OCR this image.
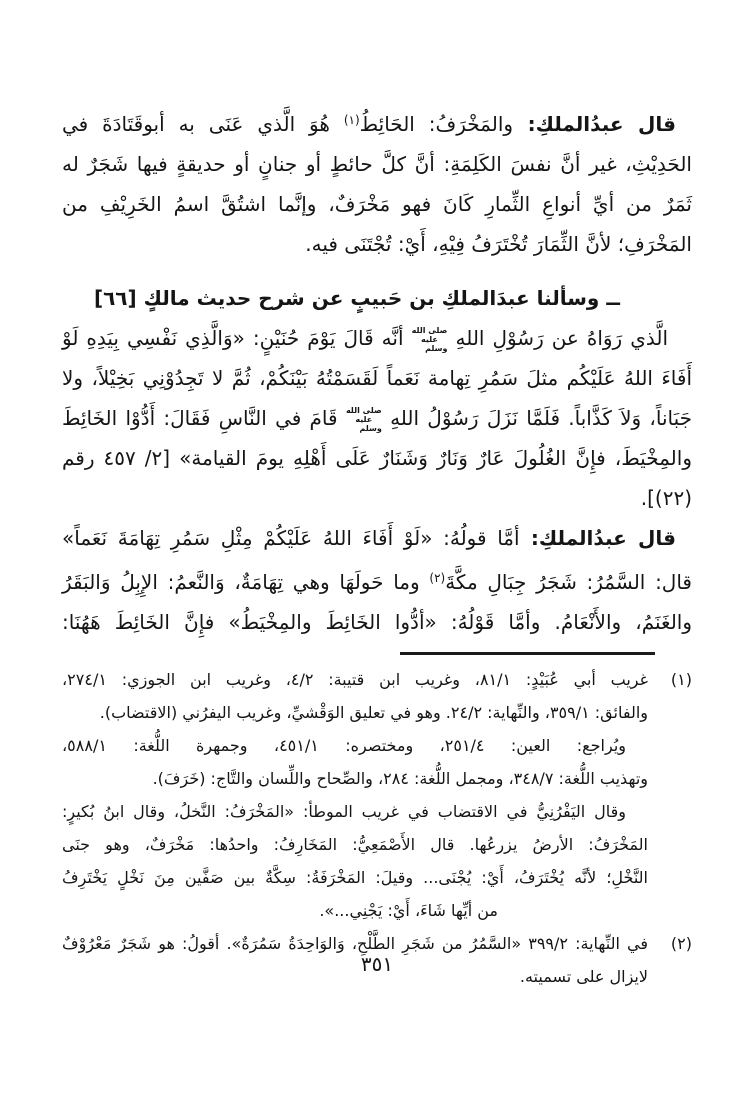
قال عبدُالملكِ: والمَخْرَفُ: الحَائِطُ$^{(١)}$ هُوَ الَّذي عَنَى به أبوقَتَادَةَ في
الحَدِيْثِ، غير أنَّ نفسَ الكَلِمَةِ: أنَّ كلَّ حائطٍ أو جنانٍ أو حديقةٍ فيها شَجَرٌ له
ثَمَرٌ من أيِّ أنواعِ الثِّمارِ كَانَ فهو مَخْرَفٌ، وإنَّما اشتُقَّ اسمُ الخَرِيْفِ من
المَخْرَفِ؛ لأنَّ الثِّمَارَ تُخْتَرَفُ فِيْهِ، أَيْ: تُجْتَنَى فيه.
ــ وسألنا عبدَالملكِ بن حَبيبٍ عن شرح حديث مالكٍ [٦٦]
الَّذي رَوَاهُ عن رَسُوْلِ اللهِ صلى الله عليه وسلم أنَّه قَالَ يَوْمَ حُنَيْنٍ: «وَالَّذِي نَفْسِي بِيَدِهِ لَوْ
أَفَاءَ اللهُ عَلَيْكُم مثلَ سَمُرِ تِهامة نَعَماً لَقَسَمْتُهُ بَيْنَكُمْ، ثُمَّ لا تَجِدُوْنِي بَخِيْلاً، ولا
جَبَاناً، وَلاَ كَذَّاباً. فَلَمَّا نَزَلَ رَسُوْلُ اللهِ صلى الله عليه وسلم قَامَ في النَّاسِ فَقَالَ: أَدُّوْا الخَائِطَ
والمِخْيَطَ، فإِنَّ الغُلُولَ عَارٌ وَنَارٌ وَشَنَارٌ عَلَى أَهْلِهِ يومَ القيامة» [٢/ ٤٥٧ رقم (٢٢)].
قال عبدُالملكِ: أمَّا قولُهُ: «لَوْ أَفَاءَ اللهُ عَلَيْكُمْ مِثْلِ سَمُرِ تِهَامَةَ نَعَماً»
قال: السَّمُرُ: شَجَرُ جِبَالِ مكَّةَ$^{(٢)}$ وما حَولَهَا وهي تِهَامَةٌ، وَالنَّعمُ: الإِبِلُ وَالبَقَرُ
والغَنَمُ، والأَنْعَامُ. وأمَّا قَوْلُهُ: «أدُّوا الخَائِطَ والمِخْيَطُ» فإِنَّ الخَائِطَ هَهُنَا:
(١)
غريب أبي عُبَيْدٍ: ٨١/١، وغريب ابن قتيبة: ٤/٢، وغريب ابن الجوزي: ٢٧٤/١،
والفائق: ٣٥٩/١، والنِّهاية: ٢٤/٢. وهو في تعليق الوَقْشيِّ، وغريب اليفرُني (الاقتضاب).
ويُراجع: العين: ٢٥١/٤، ومختصره: ٤٥١/١، وجمهرة اللُّغة: ٥٨٨/١،
وتهذيب اللُّغة: ٣٤٨/٧، ومجمل اللُّغة: ٢٨٤، والصِّحاح واللِّسان والتَّاج: (خَرَفَ).
وقال اليَفْرُنِيُّ في الاقتضاب في غريب الموطأ: «المَخْرَفُ: النَّخلُ، وقال ابنُ بُكيرٍ:
المَخْرَفُ: الأرضُ يزرعُها. قال الأَصْمَعِيُّ: المَخَارِفُ: واحدُها: مَخْرَفٌ، وهو جنَى
النَّخْلِ؛ لأنَّه يُخْتَرَفُ، أَيْ: يُجْنَى... وقيلَ: المَخْرَفَةُ: سِكَّةٌ بين صَفَّين مِنَ نَخْلٍ يَخْتَرِفُ
من أيِّها شَاءَ، أَيْ: يَجْنِي...».
(٢)
في النِّهاية: ٣٩٩/٢ «السَّمُرُ من شَجَرِ الطَّلْحِ، وَالوَاحِدَةُ سَمُرَةٌ». أقولُ: هو شَجَرٌ مَعْرُوْفٌ
لايزال على تسميته.
٣٥١
